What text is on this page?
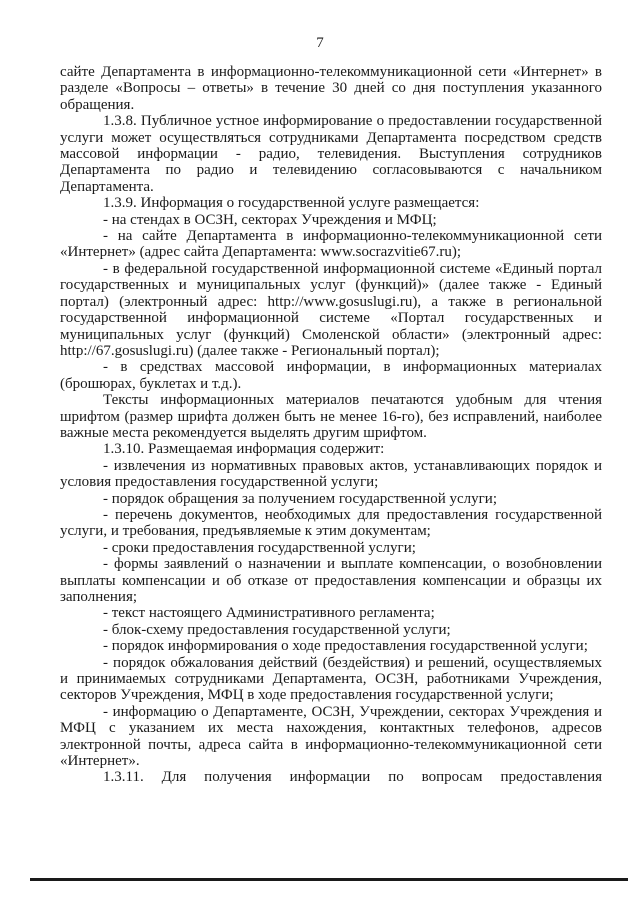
7

сайте Департамента в информационно-телекоммуникационной сети «Интернет» в разделе «Вопросы – ответы» в течение 30 дней со дня поступления указанного обращения.

1.3.8. Публичное устное информирование о предоставлении государственной услуги может осуществляться сотрудниками Департамента посредством средств массовой информации - радио, телевидения. Выступления сотрудников Департамента по радио и телевидению согласовываются с начальником Департамента.

1.3.9. Информация о государственной услуге размещается:

- на стендах в ОСЗН, секторах Учреждения и МФЦ;

- на сайте Департамента в информационно-телекоммуникационной сети «Интернет» (адрес сайта Департамента: www.socrazvitie67.ru);

- в федеральной государственной информационной системе «Единый портал государственных и муниципальных услуг (функций)» (далее также - Единый портал) (электронный адрес: http://www.gosuslugi.ru), а также в региональной государственной информационной системе «Портал государственных и муниципальных услуг (функций) Смоленской области» (электронный адрес: http://67.gosuslugi.ru) (далее также - Региональный портал);

- в средствах массовой информации, в информационных материалах (брошюрах, буклетах и т.д.).

Тексты информационных материалов печатаются удобным для чтения шрифтом (размер шрифта должен быть не менее 16-го), без исправлений, наиболее важные места рекомендуется выделять другим шрифтом.

1.3.10. Размещаемая информация содержит:

- извлечения из нормативных правовых актов, устанавливающих порядок и условия предоставления государственной услуги;

- порядок обращения за получением государственной услуги;

- перечень документов, необходимых для предоставления государственной услуги, и требования, предъявляемые к этим документам;

- сроки предоставления государственной услуги;

- формы заявлений о назначении и выплате компенсации, о возобновлении выплаты компенсации и об отказе от предоставления компенсации и образцы их заполнения;

- текст настоящего Административного регламента;

- блок-схему предоставления государственной услуги;

- порядок информирования о ходе предоставления государственной услуги;

- порядок обжалования действий (бездействия) и решений, осуществляемых и принимаемых сотрудниками Департамента, ОСЗН, работниками Учреждения, секторов Учреждения, МФЦ в ходе предоставления государственной услуги;

- информацию о Департаменте, ОСЗН, Учреждении, секторах Учреждения и МФЦ с указанием их места нахождения, контактных телефонов, адресов электронной почты, адреса сайта в информационно-телекоммуникационной сети «Интернет».

1.3.11. Для получения информации по вопросам предоставления
